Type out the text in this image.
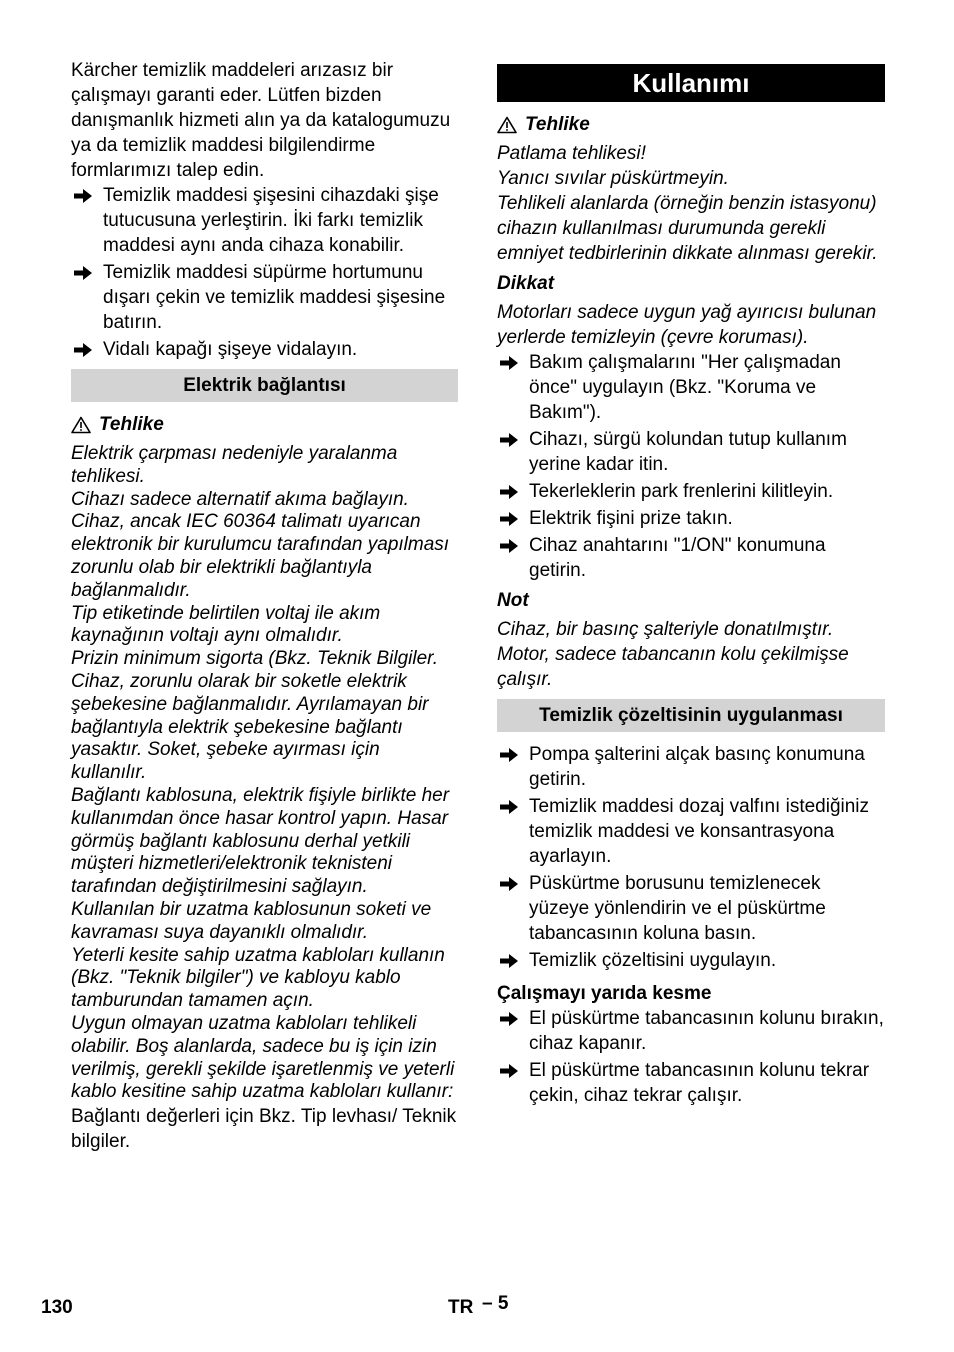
Kärcher temizlik maddeleri arızasız bir çalışmayı garanti eder. Lütfen bizden danışmanlık hizmeti alın ya da katalogumuzu ya da temizlik maddesi bilgilendirme formlarımızı talep edin.

Temizlik maddesi şişesini cihazdaki şişe tutucusuna yerleştirin. İki farkı temizlik maddesi aynı anda cihaza konabilir.

Temizlik maddesi süpürme hortumunu dışarı çekin ve temizlik maddesi şişesine batırın.

Vidalı kapağı şişeye vidalayın.

Elektrik bağlantısı
Tehlike

Elektrik çarpması nedeniyle yaralanma tehlikesi.

Cihazı sadece alternatif akıma bağlayın.

Cihaz, ancak IEC 60364 talimatı uyarıcan elektronik bir kurulumcu tarafından yapılması zorunlu olab bir elektrikli bağlantıyla bağlanmalıdır.

Tip etiketinde belirtilen voltaj ile akım kaynağının voltajı aynı olmalıdır.

Prizin minimum sigorta (Bkz. Teknik Bilgiler.

Cihaz, zorunlu olarak bir soketle elektrik şebekesine bağlanmalıdır. Ayrılamayan bir bağlantıyla elektrik şebekesine bağlantı yasaktır. Soket, şebeke ayırması için kullanılır.

Bağlantı kablosuna, elektrik fişiyle birlikte her kullanımdan önce hasar kontrol yapın. Hasar görmüş bağlantı kablosunu derhal yetkili müşteri hizmetleri/elektronik teknisteni tarafından değiştirilmesini sağlayın.

Kullanılan bir uzatma kablosunun soketi ve kavraması suya dayanıklı olmalıdır.

Yeterli kesite sahip uzatma kabloları kullanın (Bkz. "Teknik bilgiler") ve kabloyu kablo tamburundan tamamen açın.

Uygun olmayan uzatma kabloları tehlikeli olabilir. Boş alanlarda, sadece bu iş için izin verilmiş, gerekli şekilde işaretlenmiş ve yeterli kablo kesitine sahip uzatma kabloları kullanır:

Bağlantı değerleri için Bkz. Tip levhası/ Teknik bilgiler.

Kullanımı
Tehlike

Patlama tehlikesi!

Yanıcı sıvılar püskürtmeyin.

Tehlikeli alanlarda (örneğin benzin istasyonu) cihazın kullanılması durumunda gerekli emniyet tedbirlerinin dikkate alınması gerekir.

Dikkat

Motorları sadece uygun yağ ayırıcısı bulunan yerlerde temizleyin (çevre koruması).

Bakım çalışmalarını "Her çalışmadan önce" uygulayın (Bkz. "Koruma ve Bakım").

Cihazı, sürgü kolundan tutup kullanım yerine kadar itin.

Tekerleklerin park frenlerini kilitleyin.

Elektrik fişini prize takın.

Cihaz anahtarını "1/ON" konumuna getirin.

Not

Cihaz, bir basınç şalteriyle donatılmıştır.

Motor, sadece tabancanın kolu çekilmişse çalışır.

Temizlik çözeltisinin uygulanması

Pompa şalterini alçak basınç konumuna getirin.

Temizlik maddesi dozaj valfını istediğiniz temizlik maddesi ve konsantrasyona ayarlayın.

Püskürtme borusunu temizlenecek yüzeye yönlendirin ve el püskürtme tabancasının koluna basın.

Temizlik çözeltisini uygulayın.

Çalışmayı yarıda kesme

El püskürtme tabancasının kolunu bırakın, cihaz kapanır.

El püskürtme tabancasının kolunu tekrar çekin, cihaz tekrar çalışır.

130	TR – 5
